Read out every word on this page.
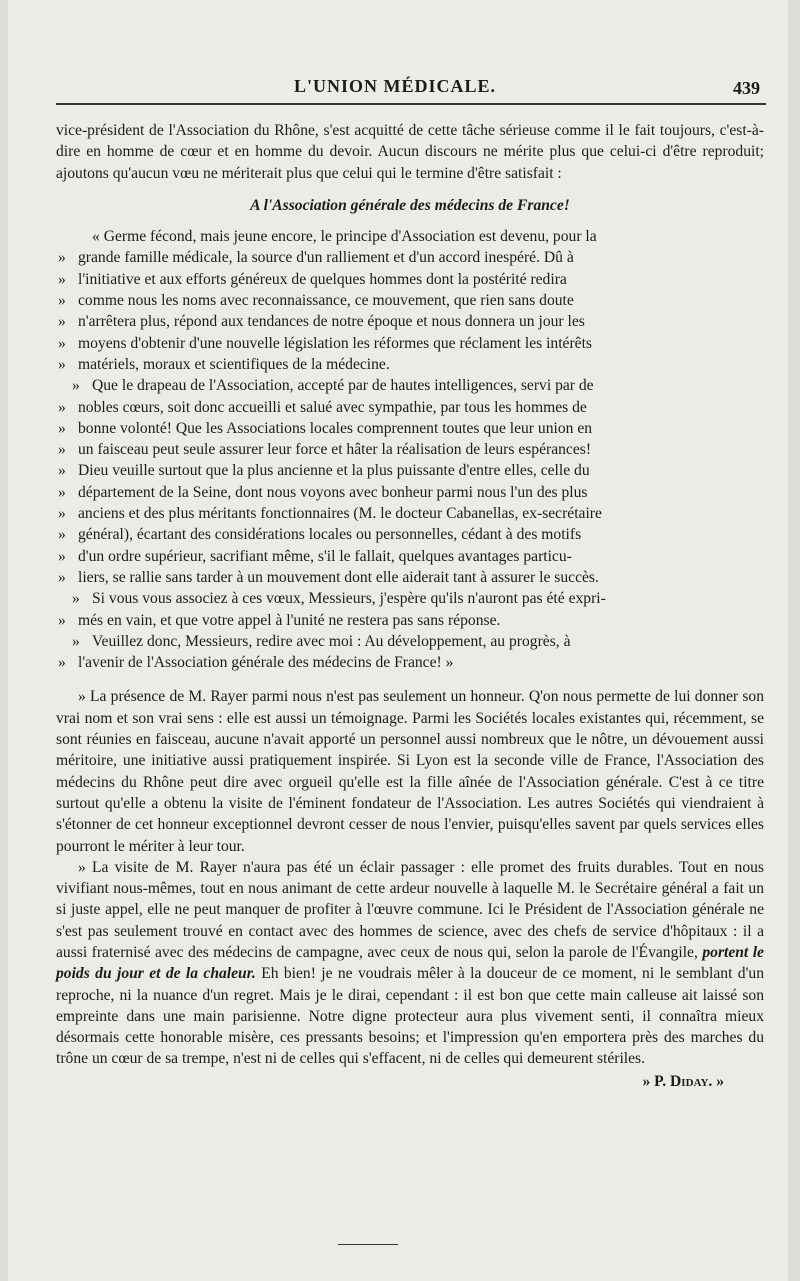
L'UNION MÉDICALE.	439

vice-président de l'Association du Rhône, s'est acquitté de cette tâche sérieuse comme il le fait toujours, c'est-à-dire en homme de cœur et en homme du devoir. Aucun discours ne mérite plus que celui-ci d'être reproduit; ajoutons qu'aucun vœu ne mériterait plus que celui qui le termine d'être satisfait :

A l'Association générale des médecins de France!

« Germe fécond, mais jeune encore, le principe d'Association est devenu, pour la
» grande famille médicale, la source d'un ralliement et d'un accord inespéré. Dû à
» l'initiative et aux efforts généreux de quelques hommes dont la postérité redira
» comme nous les noms avec reconnaissance, ce mouvement, que rien sans doute
» n'arrêtera plus, répond aux tendances de notre époque et nous donnera un jour les
» moyens d'obtenir d'une nouvelle législation les réformes que réclament les intérêts
» matériels, moraux et scientifiques de la médecine.
» Que le drapeau de l'Association, accepté par de hautes intelligences, servi par de
» nobles cœurs, soit donc accueilli et salué avec sympathie, par tous les hommes de
» bonne volonté! Que les Associations locales comprennent toutes que leur union en
» un faisceau peut seule assurer leur force et hâter la réalisation de leurs espérances!
» Dieu veuille surtout que la plus ancienne et la plus puissante d'entre elles, celle du
» département de la Seine, dont nous voyons avec bonheur parmi nous l'un des plus
» anciens et des plus méritants fonctionnaires (M. le docteur Cabanellas, ex-secrétaire
» général), écartant des considérations locales ou personnelles, cédant à des motifs
» d'un ordre supérieur, sacrifiant même, s'il le fallait, quelques avantages particu-
» liers, se rallie sans tarder à un mouvement dont elle aiderait tant à assurer le succès.
» Si vous vous associez à ces vœux, Messieurs, j'espère qu'ils n'auront pas été expri-
» més en vain, et que votre appel à l'unité ne restera pas sans réponse.
» Veuillez donc, Messieurs, redire avec moi : Au développement, au progrès, à
» l'avenir de l'Association générale des médecins de France! »

» La présence de M. Rayer parmi nous n'est pas seulement un honneur. Q'on nous permette de lui donner son vrai nom et son vrai sens : elle est aussi un témoignage. Parmi les Sociétés locales existantes qui, récemment, se sont réunies en faisceau, aucune n'avait apporté un personnel aussi nombreux que le nôtre, un dévouement aussi méritoire, une initiative aussi pratiquement inspirée. Si Lyon est la seconde ville de France, l'Association des médecins du Rhône peut dire avec orgueil qu'elle est la fille aînée de l'Association générale. C'est à ce titre surtout qu'elle a obtenu la visite de l'éminent fondateur de l'Association. Les autres Sociétés qui viendraient à s'étonner de cet honneur exceptionnel devront cesser de nous l'envier, puisqu'elles savent par quels services elles pourront le mériter à leur tour.

» La visite de M. Rayer n'aura pas été un éclair passager : elle promet des fruits durables. Tout en nous vivifiant nous-mêmes, tout en nous animant de cette ardeur nouvelle à laquelle M. le Secrétaire général a fait un si juste appel, elle ne peut manquer de profiter à l'œuvre commune. Ici le Président de l'Association générale ne s'est pas seulement trouvé en contact avec des hommes de science, avec des chefs de service d'hôpitaux : il a aussi fraternisé avec des médecins de campagne, avec ceux de nous qui, selon la parole de l'Évangile, portent le poids du jour et de la chaleur. Eh bien! je ne voudrais mêler à la douceur de ce moment, ni le semblant d'un reproche, ni la nuance d'un regret. Mais je le dirai, cependant : il est bon que cette main calleuse ait laissé son empreinte dans une main parisienne. Notre digne protecteur aura plus vivement senti, il connaîtra mieux désormais cette honorable misère, ces pressants besoins; et l'impression qu'en emportera près des marches du trône un cœur de sa trempe, n'est ni de celles qui s'effacent, ni de celles qui demeurent stériles.

» P. Diday. »
